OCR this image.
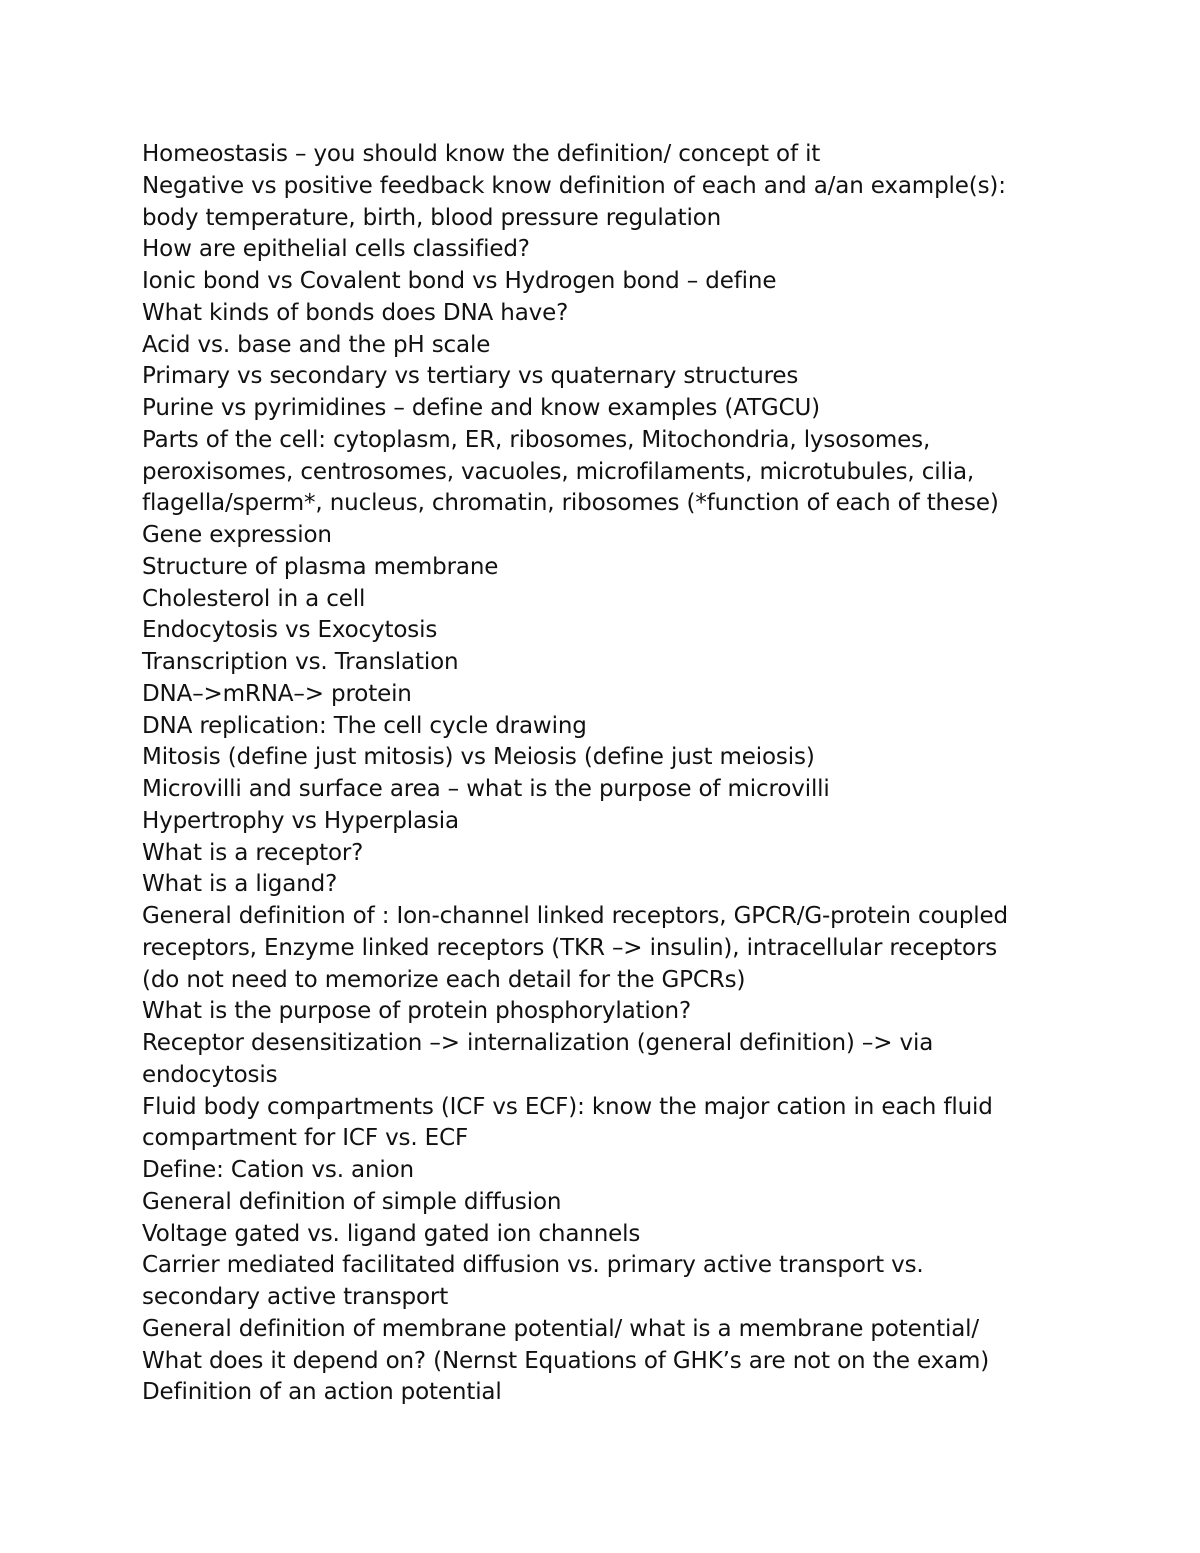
Homeostasis – you should know the definition/ concept of it
Negative vs positive feedback know definition of each and a/an example(s):
body temperature, birth, blood pressure regulation
How are epithelial cells classified?
Ionic bond vs Covalent bond vs Hydrogen bond – define
What kinds of bonds does DNA have?
Acid vs. base and the pH scale
Primary vs secondary vs tertiary vs quaternary structures
Purine vs pyrimidines – define and know examples (ATGCU)
Parts of the cell: cytoplasm, ER, ribosomes, Mitochondria, lysosomes,
peroxisomes, centrosomes, vacuoles, microfilaments, microtubules, cilia,
flagella/sperm*, nucleus, chromatin, ribosomes (*function of each of these)
Gene expression
Structure of plasma membrane
Cholesterol in a cell
Endocytosis vs Exocytosis
Transcription vs. Translation
DNA–>mRNA–> protein
DNA replication: The cell cycle drawing
Mitosis (define just mitosis) vs Meiosis (define just meiosis)
Microvilli and surface area – what is the purpose of microvilli
Hypertrophy vs Hyperplasia
What is a receptor?
What is a ligand?
General definition of : Ion-channel linked receptors, GPCR/G-protein coupled
receptors, Enzyme linked receptors (TKR –> insulin), intracellular receptors
(do not need to memorize each detail for the GPCRs)
What is the purpose of protein phosphorylation?
Receptor desensitization –> internalization (general definition) –> via
endocytosis
Fluid body compartments (ICF vs ECF): know the major cation in each fluid
compartment for ICF vs. ECF
Define: Cation vs. anion
General definition of simple diffusion
Voltage gated vs. ligand gated ion channels
Carrier mediated facilitated diffusion vs. primary active transport vs.
secondary active transport
General definition of membrane potential/ what is a membrane potential/
What does it depend on? (Nernst Equations of GHK’s are not on the exam)
Definition of an action potential
